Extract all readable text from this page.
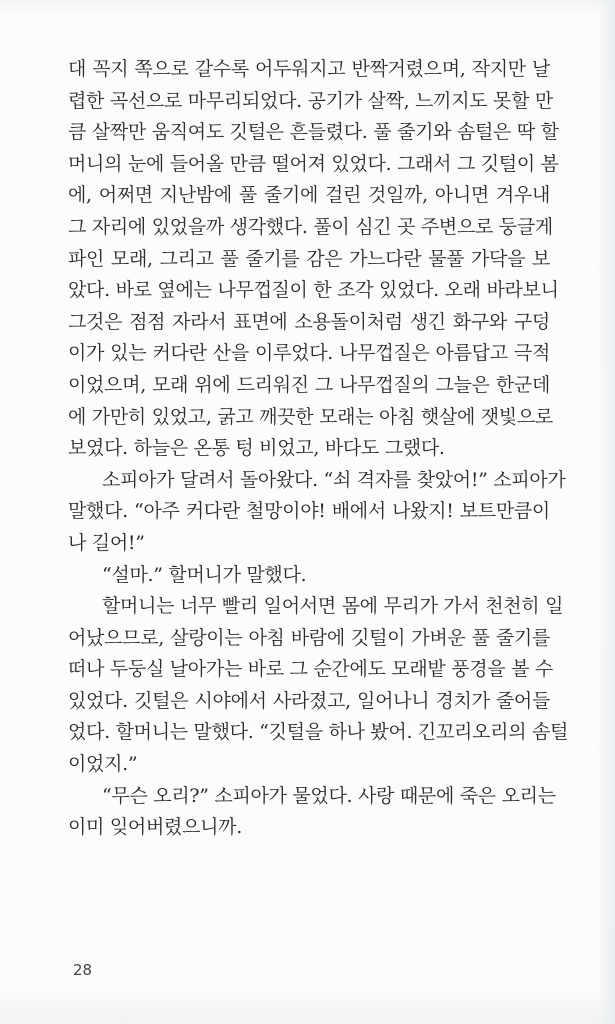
대 꼭지 쪽으로 갈수록 어두워지고 반짝거렸으며, 작지만 날
렵한 곡선으로 마무리되었다. 공기가 살짝, 느끼지도 못할 만
큼 살짝만 움직여도 깃털은 흔들렸다. 풀 줄기와 솜털은 딱 할
머니의 눈에 들어올 만큼 떨어져 있었다. 그래서 그 깃털이 봄
에, 어쩌면 지난밤에 풀 줄기에 걸린 것일까, 아니면 겨우내
그 자리에 있었을까 생각했다. 풀이 심긴 곳 주변으로 둥글게
파인 모래, 그리고 풀 줄기를 감은 가느다란 물풀 가닥을 보
았다. 바로 옆에는 나무껍질이 한 조각 있었다. 오래 바라보니
그것은 점점 자라서 표면에 소용돌이처럼 생긴 화구와 구덩
이가 있는 커다란 산을 이루었다. 나무껍질은 아름답고 극적
이었으며, 모래 위에 드리워진 그 나무껍질의 그늘은 한군데
에 가만히 있었고, 굵고 깨끗한 모래는 아침 햇살에 잿빛으로
보였다. 하늘은 온통 텅 비었고, 바다도 그랬다.
소피아가 달려서 돌아왔다. “쇠 격자를 찾았어!” 소피아가
말했다. “아주 커다란 철망이야! 배에서 나왔지! 보트만큼이
나 길어!”
“설마.” 할머니가 말했다.
할머니는 너무 빨리 일어서면 몸에 무리가 가서 천천히 일
어났으므로, 살랑이는 아침 바람에 깃털이 가벼운 풀 줄기를
떠나 두둥실 날아가는 바로 그 순간에도 모래밭 풍경을 볼 수
있었다. 깃털은 시야에서 사라졌고, 일어나니 경치가 줄어들
었다. 할머니는 말했다. “깃털을 하나 봤어. 긴꼬리오리의 솜털
이었지.”
“무슨 오리?” 소피아가 물었다. 사랑 때문에 죽은 오리는
이미 잊어버렸으니까.
28
